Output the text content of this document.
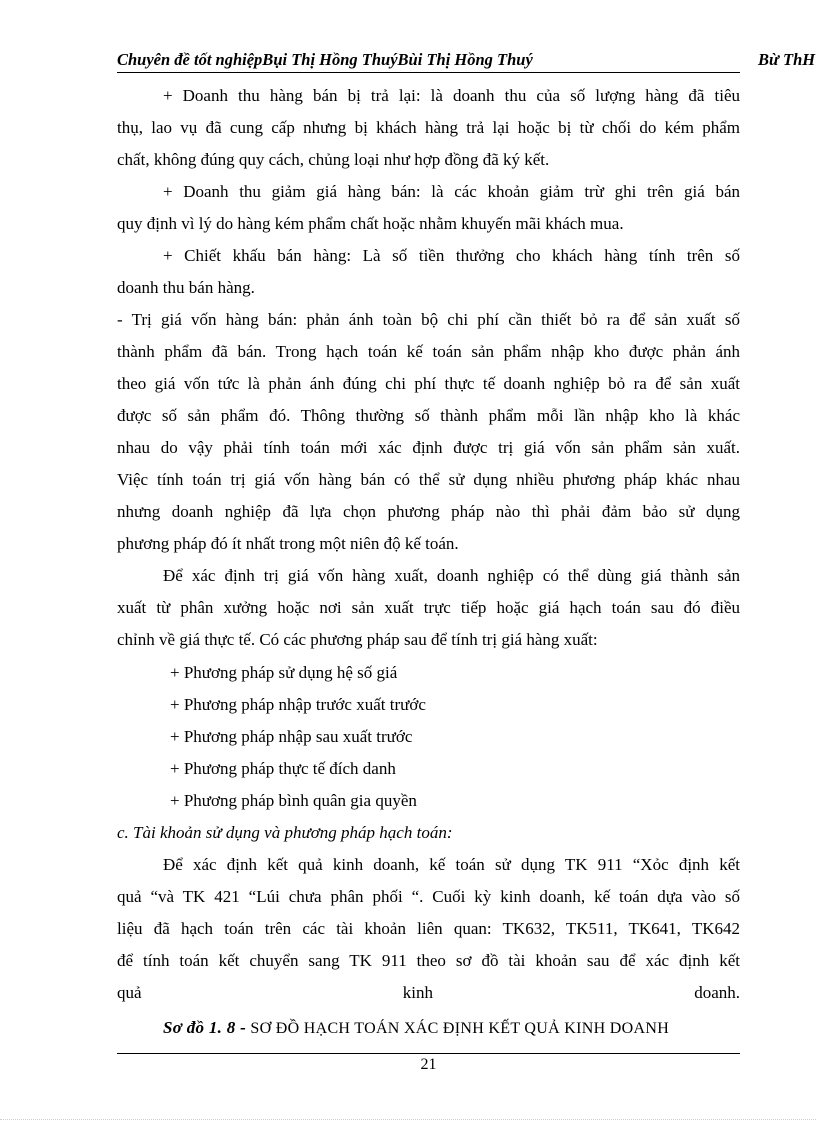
Chuyên đề tốt nghiệpBụi Thị Hồng ThuýBùi Thị Hồng Thuý	Bừ ThH
+ Doanh thu hàng bán bị trả lại: là doanh thu của số lượng hàng đã tiêu
thụ, lao vụ đã cung cấp nhưng bị khách hàng trả lại hoặc bị từ chối do kém phẩm
chất, không đúng quy cách, chủng loại như hợp đồng đã ký kết.
+ Doanh thu giảm giá hàng bán: là các khoản giảm trừ ghi trên giá bán
quy định vì lý do hàng kém phẩm chất hoặc nhằm khuyến mãi khách mua.
+ Chiết khấu bán hàng: Là số tiền thưởng cho khách hàng tính trên số
doanh thu bán hàng.
- Trị giá vốn hàng bán: phản ánh toàn bộ chi phí cần thiết bỏ ra để sản xuất số
thành phẩm đã bán. Trong hạch toán kế toán sản phẩm nhập kho được phản ánh
theo giá vốn tức là phản ánh đúng chi phí thực tế doanh nghiệp bỏ ra để sản xuất
được số sản phẩm đó. Thông thường số thành phẩm mỗi lần nhập kho là khác
nhau do vậy phải tính toán mới xác định được trị giá vốn sản phẩm sản xuất.
Việc tính toán trị giá vốn hàng bán có thể sử dụng nhiều phương pháp khác nhau
nhưng doanh nghiệp đã lựa chọn phương pháp nào thì phải đảm bảo sử dụng
phương pháp đó ít nhất trong một niên độ kế toán.
Để xác định trị giá vốn hàng xuất, doanh nghiệp có thể dùng giá thành sản
xuất từ phân xưởng hoặc nơi sản xuất trực tiếp hoặc giá hạch toán sau đó điều
chỉnh về giá thực tế. Có các phương pháp sau để tính trị giá hàng xuất:
+ Phương pháp sử dụng hệ số giá
+ Phương pháp nhập trước xuất trước
+ Phương pháp nhập sau xuất trước
+ Phương pháp thực tế đích danh
+ Phương pháp bình quân gia quyền
c. Tài khoản sử dụng và phương pháp hạch toán:
Để xác định kết quả kinh doanh, kế toán sử dụng TK 911 “Xỏc định kết
quả “và TK 421 “Lúi chưa phân phối “. Cuối kỳ kinh doanh, kế toán dựa vào số
liệu đã hạch toán trên các tài khoản liên quan: TK632, TK511, TK641, TK642
để tính toán kết chuyển sang TK 911 theo sơ đồ tài khoản sau để xác định kết
quả kinh doanh.
Sơ đồ 1. 8 - SƠ ĐỒ HẠCH TOÁN XÁC ĐỊNH KẾT QUẢ KINH DOANH
21
